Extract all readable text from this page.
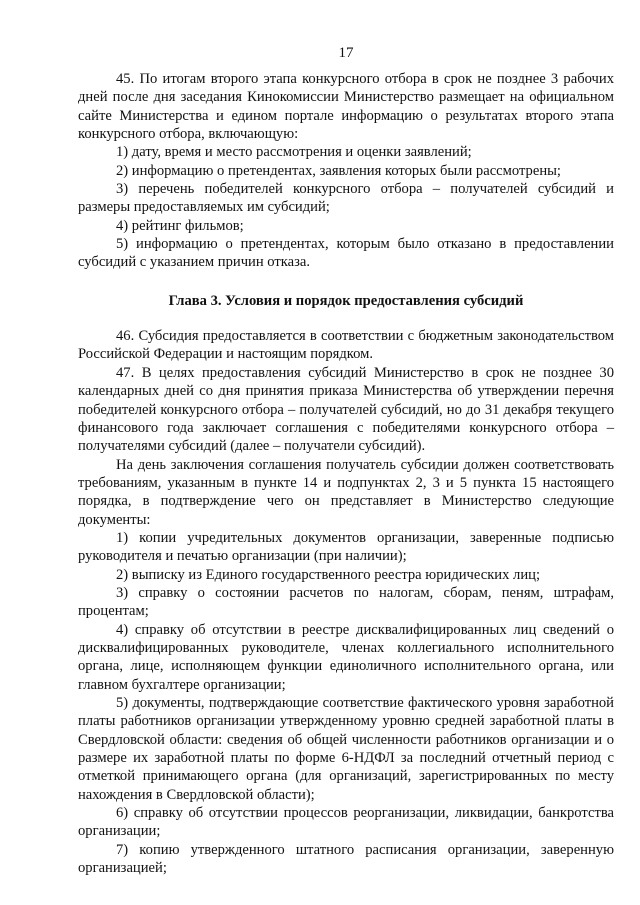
17

45. По итогам второго этапа конкурсного отбора в срок не позднее 3 рабочих дней после дня заседания Кинокомиссии Министерство размещает на официальном сайте Министерства и едином портале информацию о результатах второго этапа конкурсного отбора, включающую:

1) дату, время и место рассмотрения и оценки заявлений;

2) информацию о претендентах, заявления которых были рассмотрены;

3) перечень победителей конкурсного отбора – получателей субсидий и размеры предоставляемых им субсидий;

4) рейтинг фильмов;

5) информацию о претендентах, которым было отказано в предоставлении субсидий с указанием причин отказа.

Глава 3. Условия и порядок предоставления субсидий

46. Субсидия предоставляется в соответствии с бюджетным законодательством Российской Федерации и настоящим порядком.

47. В целях предоставления субсидий Министерство в срок не позднее 30 календарных дней со дня принятия приказа Министерства об утверждении перечня победителей конкурсного отбора – получателей субсидий, но до 31 декабря текущего финансового года заключает соглашения с победителями конкурсного отбора – получателями субсидий (далее – получатели субсидий).

На день заключения соглашения получатель субсидии должен соответствовать требованиям, указанным в пункте 14 и подпунктах 2, 3 и 5 пункта 15 настоящего порядка, в подтверждение чего он представляет в Министерство следующие документы:

1) копии учредительных документов организации, заверенные подписью руководителя и печатью организации (при наличии);

2) выписку из Единого государственного реестра юридических лиц;

3) справку о состоянии расчетов по налогам, сборам, пеням, штрафам, процентам;

4) справку об отсутствии в реестре дисквалифицированных лиц сведений о дисквалифицированных руководителе, членах коллегиального исполнительного органа, лице, исполняющем функции единоличного исполнительного органа, или главном бухгалтере организации;

5) документы, подтверждающие соответствие фактического уровня заработной платы работников организации утвержденному уровню средней заработной платы в Свердловской области: сведения об общей численности работников организации и о размере их заработной платы по форме 6-НДФЛ за последний отчетный период с отметкой принимающего органа (для организаций, зарегистрированных по месту нахождения в Свердловской области);

6) справку об отсутствии процессов реорганизации, ликвидации, банкротства организации;

7) копию утвержденного штатного расписания организации, заверенную организацией;
